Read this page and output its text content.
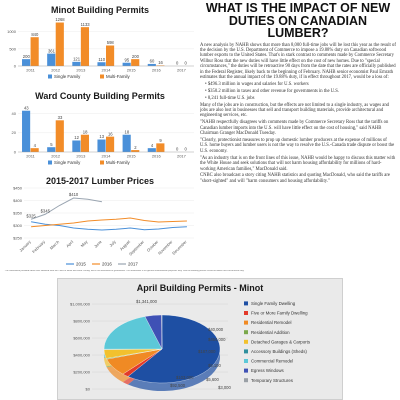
Minot Building Permits
0
500
1000
2011
200
840
2012
361
1268
2013
121
1133
2014
110
598
2015
95
200
2016
60 16
2017
0 0
Single Family	Multi-Family
Ward County Building Permits
0
20
40
2011
43
4
2012
5
33
2013
12
18
2014
13
16
2015
18
2
2016
4
9
2017
0 0
Single Family	Multi-Family
2015-2017 Lumber Prices
$250
$300
$350
$400
$450
January February March April May June July August
September October
November
December
$325
$345
$410
2015	2016	2017
WHAT IS THE IMPACT OF NEW DUTIES ON CANADIAN LUMBER?

A new analysis by NAHB shows that more than 8,000 full-time jobs will be lost this year as the result of the decision by the U.S. Department of Commerce to impose a 19.88% duty on Canadian softwood lumber exports to the United States. That's in stark contrast to comments made by Commerce Secretary Wilbur Ross that the new duties will have little effect on the cost of new homes. Due to "special circumstances," the duties will be retroactive 90 days from the date that the rates are officially published in the Federal Register, likely back to the beginning of February. NAHB senior economist Paul Emrath estimates that the annual impact of the 19.88% duty, if in effect throughout 2017, would be a loss of:

• $496.3 million in wages and salaries for U.S. workers

• $350.2 million in taxes and other revenue for governments in the U.S.

• 8,241 full-time U.S. jobs

Many of the jobs are in construction, but the effects are not limited to a single industry, as wages and jobs are also lost in businesses that sell and transport building materials, provide architectural and engineering services, etc.

"NAHB respectfully disagrees with comments made by Commerce Secretary Ross that the tariffs on Canadian lumber imports into the U.S. will have little effect on the cost of housing," said NAHB Chairman Granger MacDonald Tuesday.

"Clearly, protectionist measures to prop up domestic lumber producers at the expense of millions of U.S. home buyers and lumber users is not the way to resolve the U.S.-Canada trade dispute or boost the U.S. economy.

"As an industry that is on the front lines of this issue, NAHB would be happy to discuss this matter with the White House and seek solutions that will not harm housing affordability for millions of hard-working American families," MacDonald said.

CNBC also broadcast a story citing NAHB statistics and quoting MacDonald, who said the tariffs are "short-sighted" and will "harm consumers and housing affordability."

*The information provided above was obtained from the Cities of Minot and Ward County, and is not warranted or guaranteed. The information is for general informational purposes only. Data on building permits issued includes new construction only.
April Building Permits - Minot
$0
$200,000
$400,000
$600,000
$800,000
$1,000,000	$1,341,000
$40,000
$187,000
$9,100
$92,500
$5,600
$454,000
$103,000
$3,000
Single Family Dwelling
Five or More Family Dwelling
Residential Remodel
Residential Addition
Detached Garages & Carports
Accessory Buildings (Sheds)
Commercial Remodel
Egress Windows
Temporary Structures
